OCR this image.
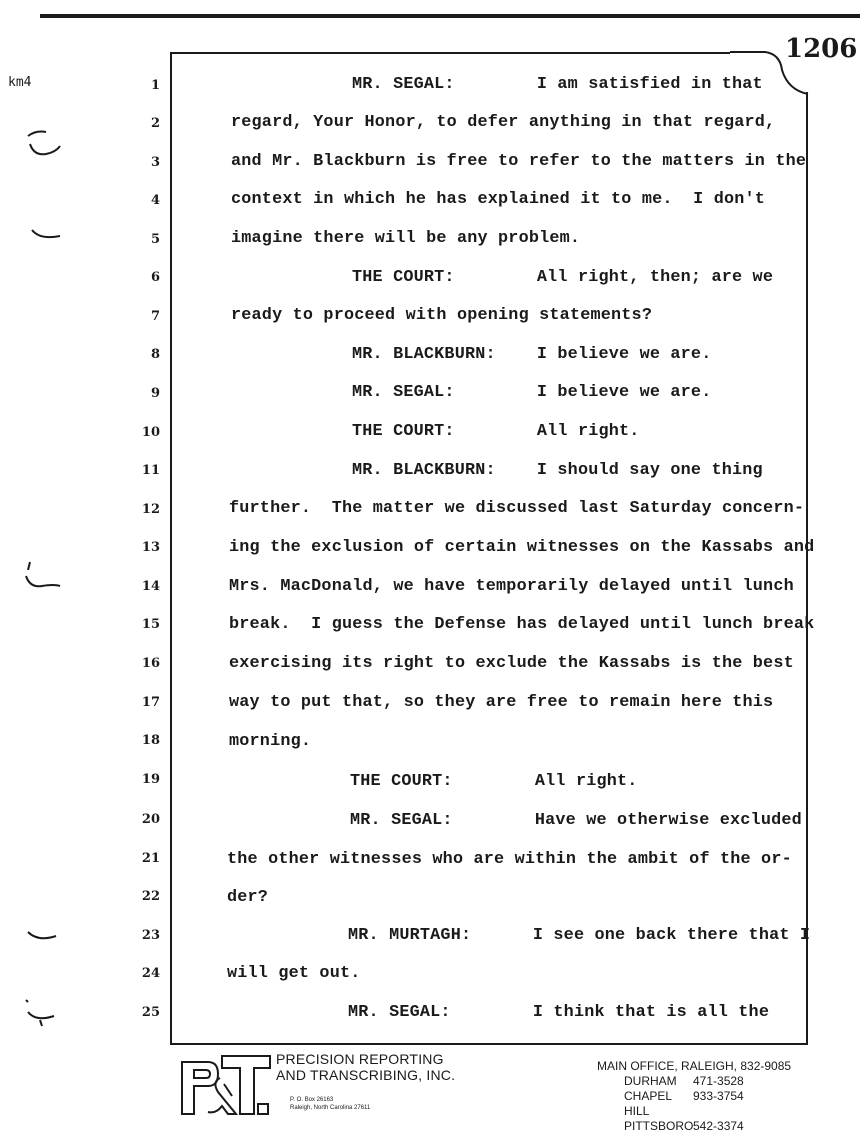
1206
km4	1
2
3
4
5
6
7
8
9
10
11
12
13
14
15
16
17
18
19
20
21
22
23
24
25
MR. SEGAL:        I am satisfied in that
regard, Your Honor, to defer anything in that regard,
and Mr. Blackburn is free to refer to the matters in the
context in which he has explained it to me.  I don't
imagine there will be any problem.
THE COURT:        All right, then; are we
ready to proceed with opening statements?
MR. BLACKBURN:    I believe we are.
MR. SEGAL:        I believe we are.
THE COURT:        All right.
MR. BLACKBURN:    I should say one thing
further.  The matter we discussed last Saturday concern-
ing the exclusion of certain witnesses on the Kassabs and
Mrs. MacDonald, we have temporarily delayed until lunch
break.  I guess the Defense has delayed until lunch break
exercising its right to exclude the Kassabs is the best
way to put that, so they are free to remain here this
morning.
THE COURT:        All right.
MR. SEGAL:        Have we otherwise excluded
the other witnesses who are within the ambit of the or-
der?
MR. MURTAGH:      I see one back there that I
will get out.
MR. SEGAL:        I think that is all the
PRECISION REPORTING
AND TRANSCRIBING, INC.
P. O. Box 26163
Raleigh, North Carolina 27611
MAIN OFFICE, RALEIGH, 832-9085
DURHAM	471-3528
CHAPEL HILL
933-3754
PITTSBORO 542-3374
